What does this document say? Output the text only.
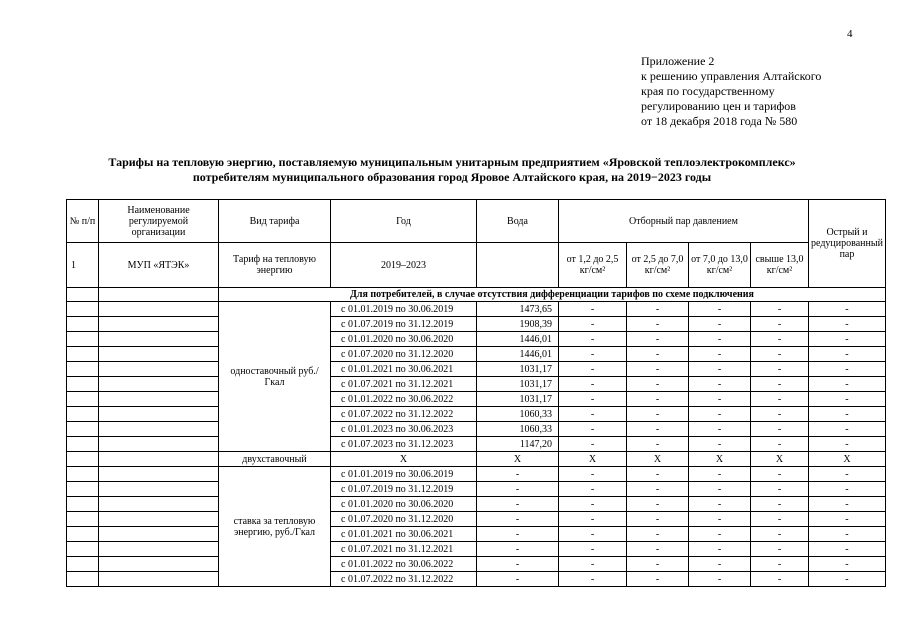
4
Приложение 2
к решению управления Алтайского
края по государственному
регулированию цен и тарифов
от 18 декабря 2018 года № 580
Тарифы на тепловую энергию, поставляемую муниципальным унитарным предприятием «Яровской теплоэлектрокомплекс»
потребителям муниципального образования город Яровое Алтайского края, на 2019−2023 годы
№ п/п	Наименование регулируемой организации	Вид тарифа	Год	Вода	Отборный пар давлением				Острый и редуцированный пар
1	МУП «ЯТЭК»	Тариф на тепловую энергию	2019–2023		от 1,2 до 2,5 кг/см²	от 2,5 до 7,0 кг/см²	от 7,0 до 13,0 кг/см²	свыше 13,0 кг/см²	
		Для потребителей, в случае отсутствия дифференциации тарифов по схеме подключения							
		одноставочный руб./Гкал	с 01.01.2019 по 30.06.2019	1473,65	-	-	-	-	-
			с 01.07.2019 по 31.12.2019	1908,39	-	-	-	-	-
			с 01.01.2020 по 30.06.2020	1446,01	-	-	-	-	-
			с 01.07.2020 по 31.12.2020	1446,01	-	-	-	-	-
			с 01.01.2021 по 30.06.2021	1031,17	-	-	-	-	-
			с 01.07.2021 по 31.12.2021	1031,17	-	-	-	-	-
			с 01.01.2022 по 30.06.2022	1031,17	-	-	-	-	-
			с 01.07.2022 по 31.12.2022	1060,33	-	-	-	-	-
			с 01.01.2023 по 30.06.2023	1060,33	-	-	-	-	-
			с 01.07.2023 по 31.12.2023	1147,20	-	-	-	-	-
		двухставочный	X	X	X	X	X	X	X
		ставка за тепловую энергию, руб./Гкал	с 01.01.2019 по 30.06.2019	-	-	-	-	-	-
			с 01.07.2019 по 31.12.2019	-	-	-	-	-	-
			с 01.01.2020 по 30.06.2020	-	-	-	-	-	-
			с 01.07.2020 по 31.12.2020	-	-	-	-	-	-
			с 01.01.2021 по 30.06.2021	-	-	-	-	-	-
			с 01.07.2021 по 31.12.2021	-	-	-	-	-	-
			с 01.01.2022 по 30.06.2022	-	-	-	-	-	-
			с 01.07.2022 по 31.12.2022	-	-	-	-	-	-
